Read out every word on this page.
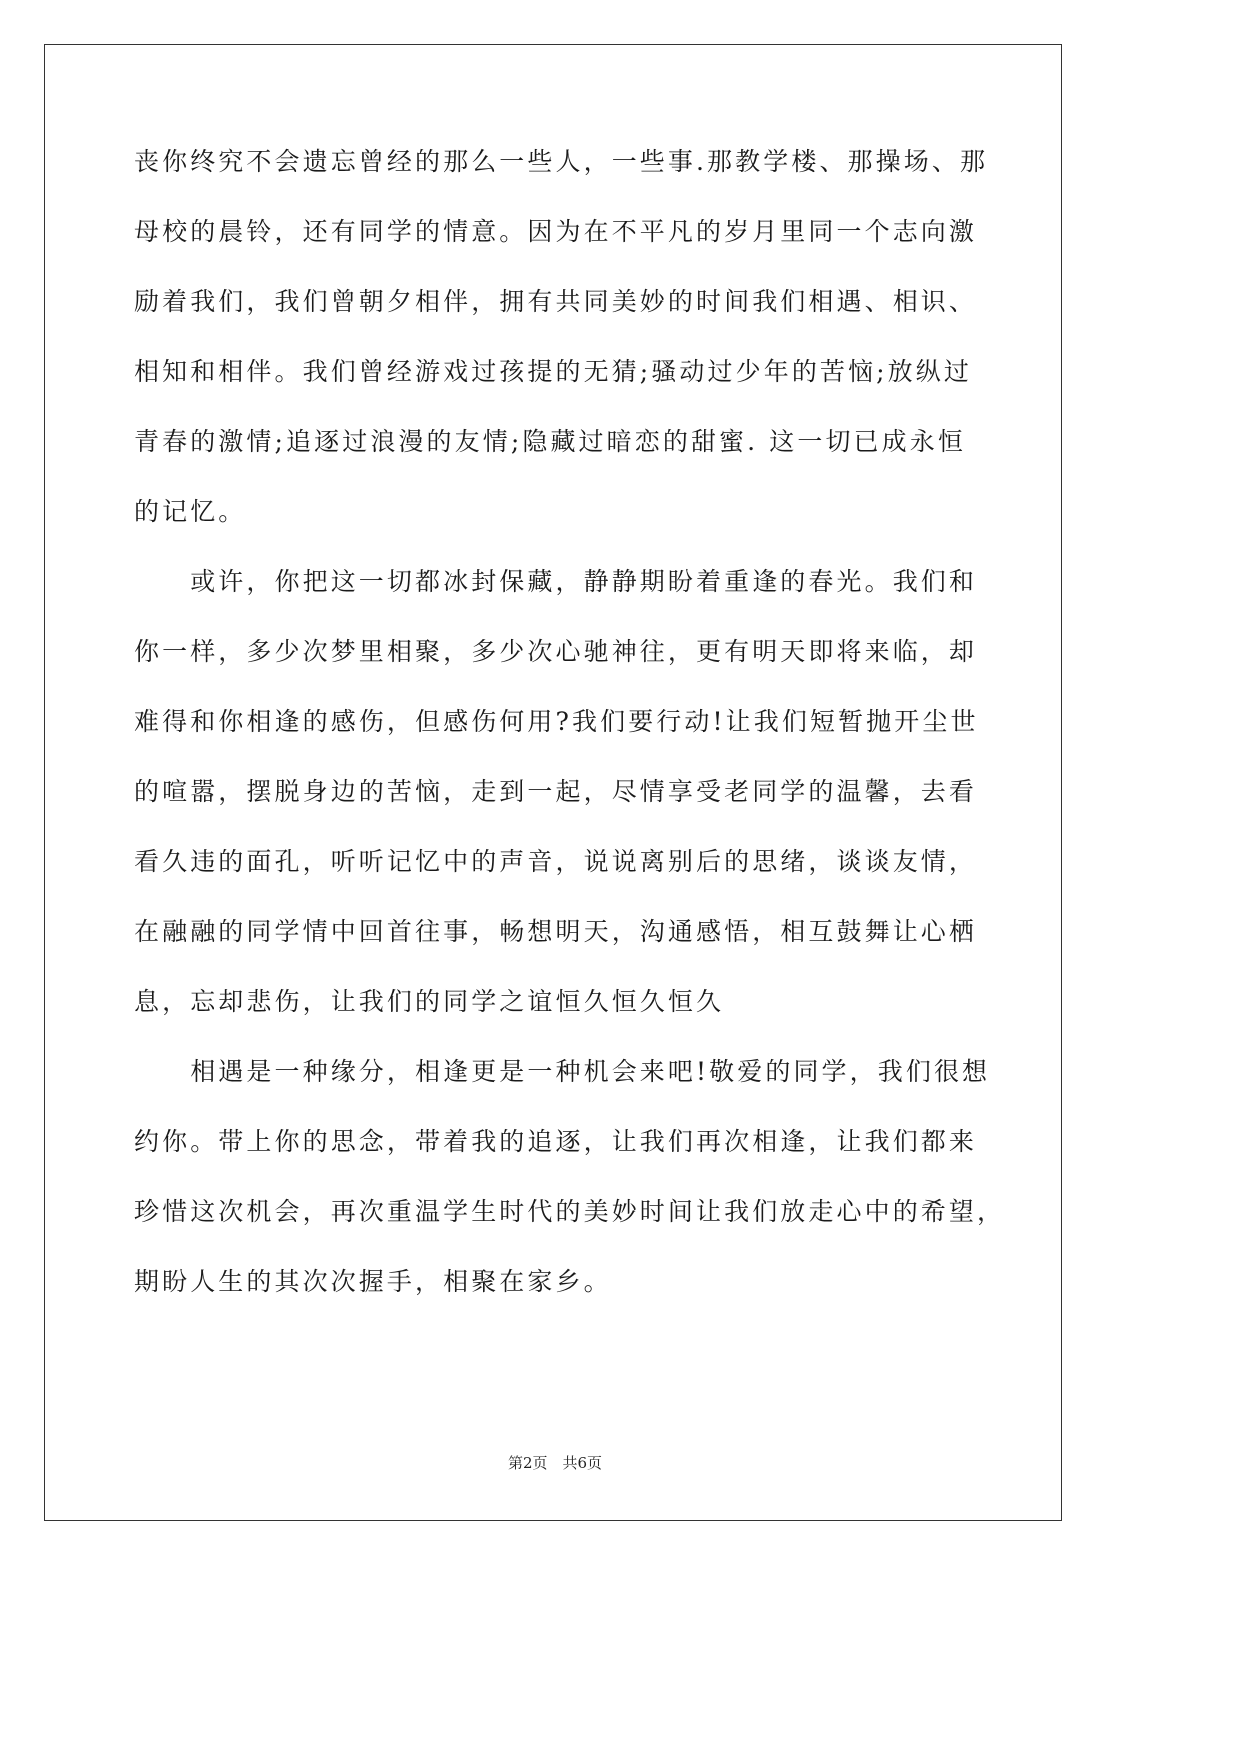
丧你终究不会遗忘曾经的那么一些人，一些事.那教学楼、那操场、那
母校的晨铃，还有同学的情意。因为在不平凡的岁月里同一个志向激
励着我们，我们曾朝夕相伴，拥有共同美妙的时间我们相遇、相识、
相知和相伴。我们曾经游戏过孩提的无猜;骚动过少年的苦恼;放纵过
青春的激情;追逐过浪漫的友情;隐藏过暗恋的甜蜜. 这一切已成永恒
的记忆。
　　或许，你把这一切都冰封保藏，静静期盼着重逢的春光。我们和
你一样，多少次梦里相聚，多少次心驰神往，更有明天即将来临，却
难得和你相逢的感伤，但感伤何用?我们要行动!让我们短暂抛开尘世
的喧嚣，摆脱身边的苦恼，走到一起，尽情享受老同学的温馨，去看
看久违的面孔，听听记忆中的声音，说说离别后的思绪，谈谈友情，
在融融的同学情中回首往事，畅想明天，沟通感悟，相互鼓舞让心栖
息，忘却悲伤，让我们的同学之谊恒久恒久恒久
　　相遇是一种缘分，相逢更是一种机会来吧!敬爱的同学，我们很想
约你。带上你的思念，带着我的追逐，让我们再次相逢，让我们都来
珍惜这次机会，再次重温学生时代的美妙时间让我们放走心中的希望，
期盼人生的其次次握手，相聚在家乡。
第2页　共6页
